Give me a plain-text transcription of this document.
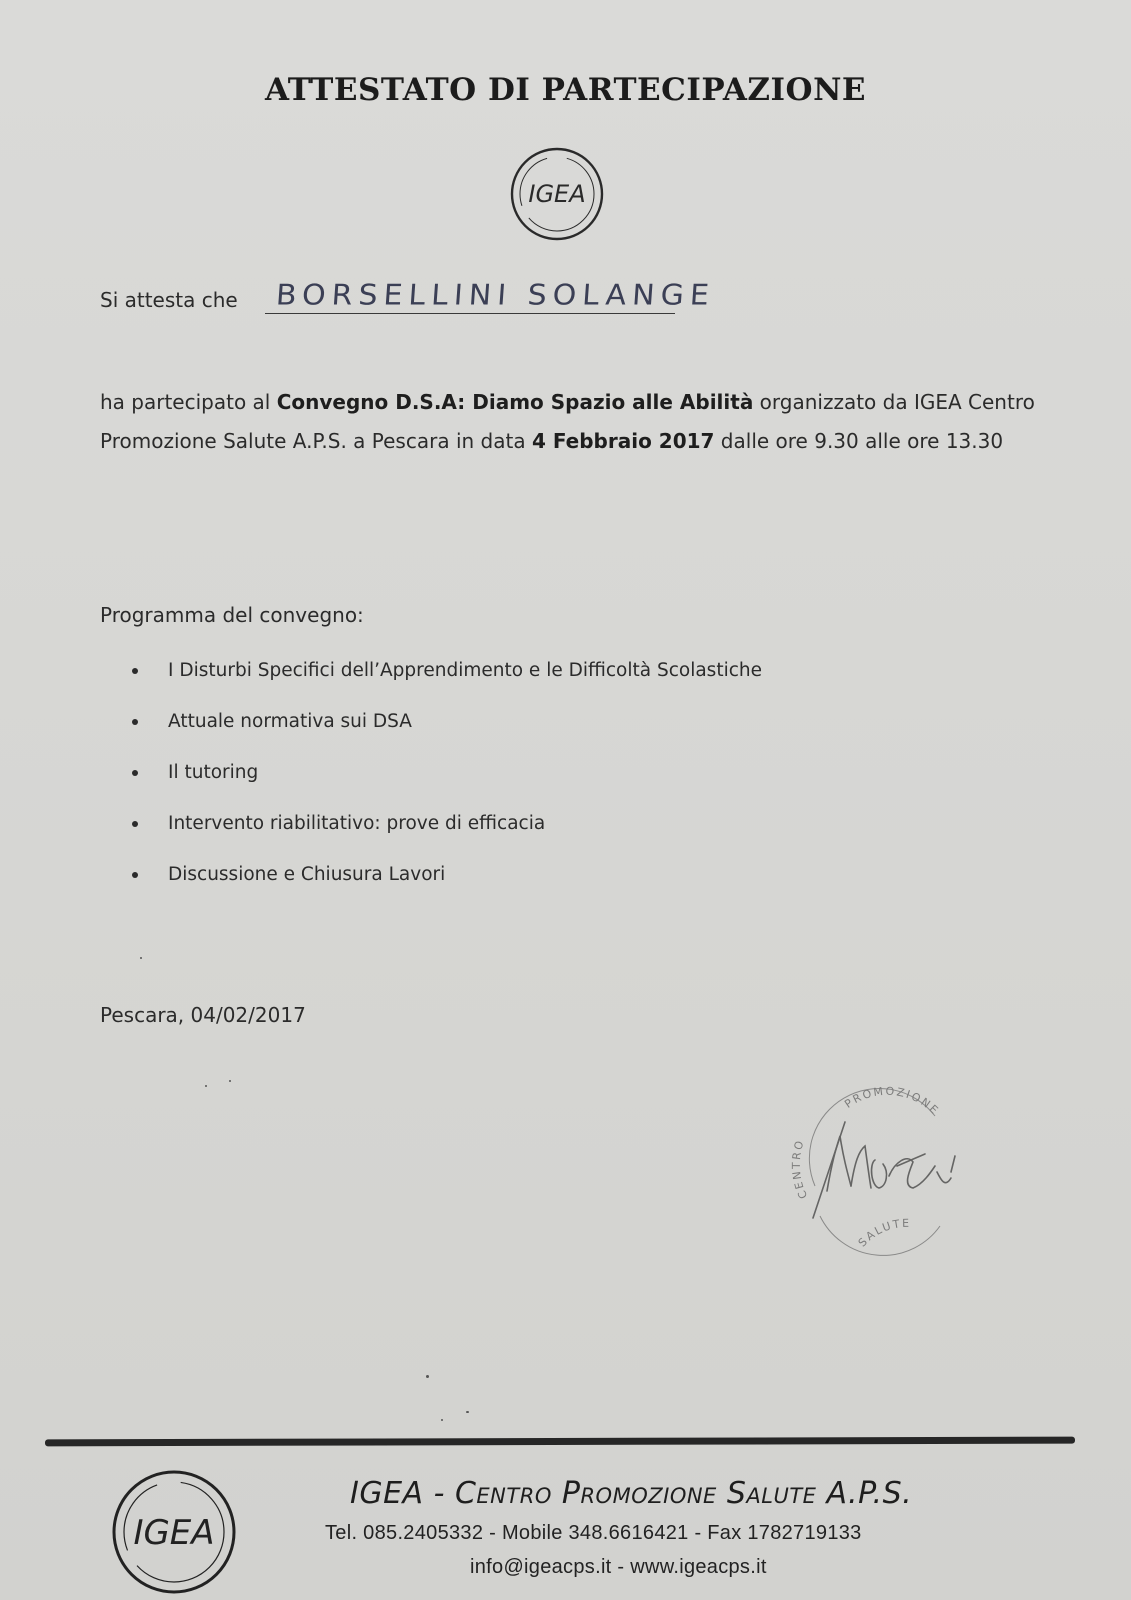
ATTESTATO DI PARTECIPAZIONE
IGEA
Si attesta che BORSELLINI SOLANGE
ha partecipato al Convegno D.S.A: Diamo Spazio alle Abilità organizzato da IGEA Centro Promozione Salute A.P.S. a Pescara in data 4 Febbraio 2017 dalle ore 9.30 alle ore 13.30
Programma del convegno:
I Disturbi Specifici dell’Apprendimento e le Difficoltà Scolastiche
Attuale normativa sui DSA
Il tutoring
Intervento riabilitativo: prove di efficacia
Discussione e Chiusura Lavori
Pescara, 04/02/2017
PROMOZIONE
CENTRO
SALUTE
IGEA
IGEA - Centro Promozione Salute A.P.S.
Tel. 085.2405332 - Mobile 348.6616421 - Fax 1782719133
info@igeacps.it - www.igeacps.it
